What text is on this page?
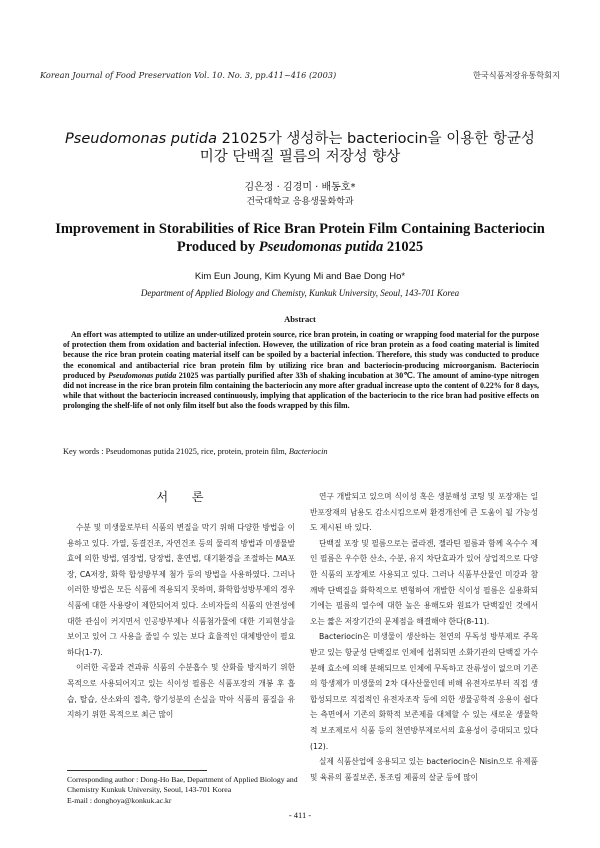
Korean Journal of Food Preservation Vol. 10. No. 3, pp.411~416 (2003)	한국식품저장유통학회지
Pseudomonas putida 21025가 생성하는 bacteriocin을 이용한 항균성
미강 단백질 필름의 저장성 향상
김은정 · 김경미 · 배동호*
건국대학교 응용생물화학과
Improvement in Storabilities of Rice Bran Protein Film Containing Bacteriocin
Produced by Pseudomonas putida 21025
Kim Eun Joung, Kim Kyung Mi and Bae Dong Ho*
Department of Applied Biology and Chemisty, Kunkuk University, Seoul, 143-701 Korea
Abstract

An effort was attempted to utilize an under-utilized protein source, rice bran protein, in coating or wrapping food material for the purpose of protection them from oxidation and bacterial infection. However, the utilization of rice bran protein as a food coating material is limited because the rice bran protein coating material itself can be spoiled by a bacterial infection. Therefore, this study was conducted to produce the economical and antibacterial rice bran protein film by utilizing rice bran and bacteriocin-producing microorganism. Bacteriocin produced by Pseudomonas putida 21025 was partially purified after 33h of shaking incubation at 30℃. The amount of amino-type nitrogen did not increase in the rice bran protein film containing the bacteriocin any more after gradual increase upto the content of 0.22% for 8 days, while that without the bacteriocin increased continuously, implying that application of the bacteriocin to the rice bran had positive effects on prolonging the shelf-life of not only film itself but also the foods wrapped by this film.

Key words : Pseudomonas putida 21025, rice, protein, protein film, Bacteriocin
서 론

수분 및 미생물로부터 식품의 변질을 막기 위해 다양한 방법을 이용하고 있다. 가열, 동결건조, 자연건조 등의 물리적 방법과 미생물발효에 의한 방법, 염장법, 당장법, 훈연법, 대기환경을 조절하는 MA포장, CA저장, 화학 합성방부제 첨가 등의 방법을 사용하였다. 그러나 이러한 방법은 모든 식품에 적용되지 못하며, 화학합성방부제의 경우 식품에 대한 사용량이 제한되어져 있다. 소비자들의 식품의 안전성에 대한 관심이 커지면서 인공방부제나 식품첨가물에 대한 기피현상을 보이고 있어 그 사용을 줄일 수 있는 보다 효율적인 대체방안이 필요하다(1-7).

이러한 곡물과 견과류 식품의 수분흡수 및 산화를 방지하기 위한 목적으로 사용되어지고 있는 식이성 필름은 식품포장의 개봉 후 흡습, 탈습, 산소와의 접촉, 향기성분의 손실을 막아 식품의 품질을 유지하기 위한 목적으로 최근 많이

연구 개발되고 있으며 식이성 혹은 생분해성 코팅 및 포장재는 일반포장재의 남용도 감소시킴으로써 환경개선에 큰 도움이 될 가능성도 제시된 바 있다.

단백질 포장 및 필름으로는 콜라겐, 젤라틴 필름과 함께 옥수수 제인 필름은 우수한 산소, 수분, 유지 차단효과가 있어 상업적으로 다양한 식품의 포장제로 사용되고 있다. 그러나 식품부산물인 미강과 참깨박 단백질을 화학적으로 변형하여 개발한 식이성 필름은 실용화되기에는 필름의 열수에 대한 높은 용해도와 원료가 단백질인 것에서 오는 짧은 저장기간의 문제점을 해결해야 한다(8-11).

Bacteriocin은 미생물이 생산하는 천연의 무독성 방부제로 주목받고 있는 항균성 단백질로 인체에 섭취되면 소화기관의 단백질 가수분해 효소에 의해 분해되므로 인체에 무독하고 잔류성이 없으며 기존의 항생제가 미생물의 2차 대사산물인데 비해 유전자로부터 직접 생합성되므로 직접적인 유전자조작 등에 의한 생물공학적 응용이 쉽다는 측면에서 기존의 화학적 보존제를 대체할 수 있는 새로운 생물학적 보조제로서 식품 등의 천연방부제로서의 효용성이 증대되고 있다(12).

실제 식품산업에 응용되고 있는 bacteriocin은 Nisin으로 유제품 및 육류의 품질보존, 통조림 제품의 살균 등에 많이

Corresponding author : Dong-Ho Bae, Department of Applied Biology and Chemistry Kunkuk University, Seoul, 143-701 Korea
E-mail : donghoya@konkuk.ac.kr
- 411 -
